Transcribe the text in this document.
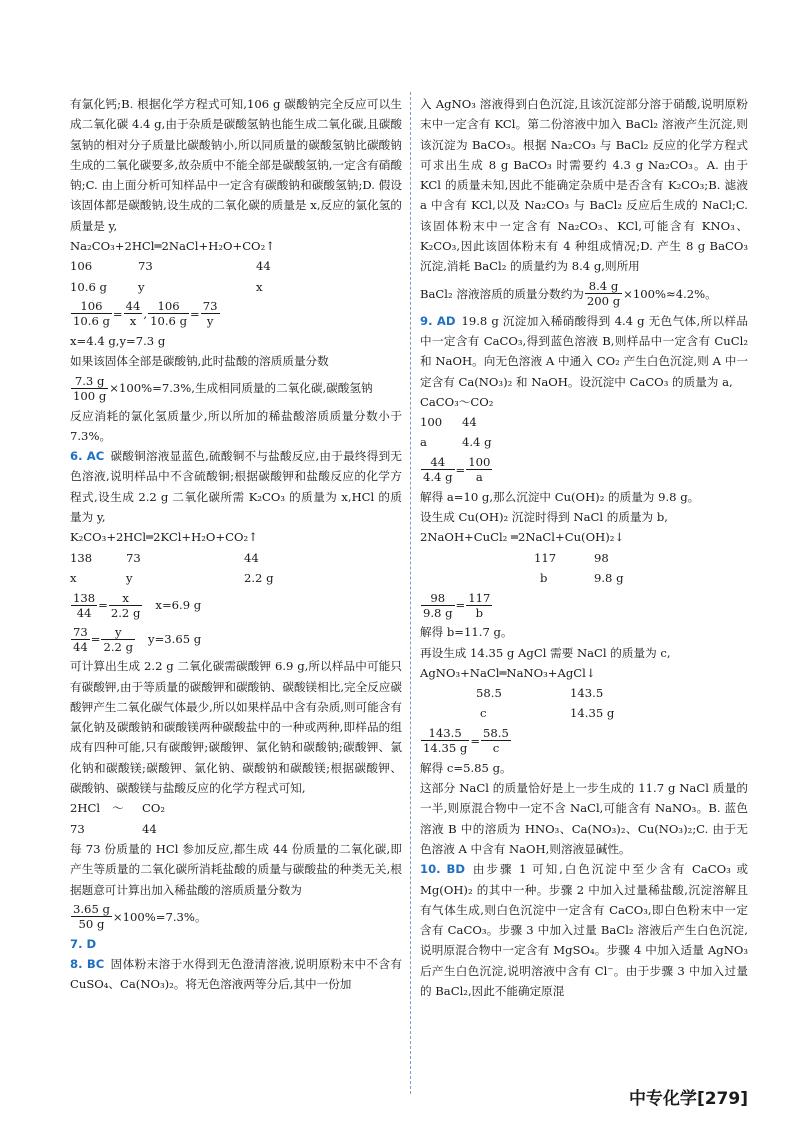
有氯化钙;B. 根据化学方程式可知,106 g 碳酸钠完全反应可以生成二氧化碳 4.4 g,由于杂质是碳酸氢钠也能生成二氧化碳,且碳酸氢钠的相对分子质量比碳酸钠小,所以同质量的碳酸氢钠比碳酸钠生成的二氧化碳要多,故杂质中不能全部是碳酸氢钠,一定含有硝酸钠;C. 由上面分析可知样品中一定含有碳酸钠和碳酸氢钠;D. 假设该固体都是碳酸钠,设生成的二氧化碳的质量是 x,反应的氯化氢的质量是 y,

Na₂CO₃+2HCl═2NaCl+H₂O+CO₂↑
106	73	44
10.6 g	y	x
$\frac{106}{10.6 g} = \frac{44}{x}$ , $\frac{106}{10.6 g} = \frac{73}{y}$
x=4.4 g,y=7.3 g

如果该固体全部是碳酸钠,此时盐酸的溶质质量分数

$\frac{7.3 g}{100 g} \times 100\%=7.3\%$,生成相同质量的二氧化碳,碳酸氢钠

反应消耗的氯化氢质量少,所以所加的稀盐酸溶质质量分数小于 7.3%。

6. AC 碳酸铜溶液显蓝色,硫酸铜不与盐酸反应,由于最终得到无色溶液,说明样品中不含硫酸铜;根据碳酸钾和盐酸反应的化学方程式,设生成 2.2 g 二氧化碳所需 K₂CO₃ 的质量为 x,HCl 的质量为 y,

K₂CO₃+2HCl═2KCl+H₂O+CO₂↑
138	73	44
x	y	2.2 g
$\frac{138}{44} = \frac{x}{2.2 g} x=6.9$ g
$\frac{73}{44} = \frac{y}{2.2 g} y=3.65$ g

可计算出生成 2.2 g 二氧化碳需碳酸钾 6.9 g,所以样品中可能只有碳酸钾,由于等质量的碳酸钾和碳酸钠、碳酸镁相比,完全反应碳酸钾产生二氧化碳气体最少,所以如果样品中含有杂质,则可能含有氯化钠及碳酸钠和碳酸镁两种碳酸盐中的一种或两种,即样品的组成有四种可能,只有碳酸钾;碳酸钾、氯化钠和碳酸钠;碳酸钾、氯化钠和碳酸镁;碳酸钾、氯化钠、碳酸钠和碳酸镁;根据碳酸钾、碳酸钠、碳酸镁与盐酸反应的化学方程式可知,

2HCl ～ CO₂
73	44

每 73 份质量的 HCl 参加反应,都生成 44 份质量的二氧化碳,即产生等质量的二氧化碳所消耗盐酸的质量与碳酸盐的种类无关,根据题意可计算出加入稀盐酸的溶质质量分数为

$\frac{3.65 g}{50 g} \times 100\%=7.3\%$。

7. D

8. BC 固体粉末溶于水得到无色澄清溶液,说明原粉末中不含有 CuSO₄、Ca(NO₃)₂。将无色溶液两等分后,其中一份加

入 AgNO₃ 溶液得到白色沉淀,且该沉淀部分溶于硝酸,说明原粉末中一定含有 KCl。第二份溶液中加入 BaCl₂ 溶液产生沉淀,则该沉淀为 BaCO₃。根据 Na₂CO₃ 与 BaCl₂ 反应的化学方程式可求出生成 8 g BaCO₃ 时需要约 4.3 g Na₂CO₃。A. 由于 KCl 的质量未知,因此不能确定杂质中是否含有 K₂CO₃;B. 滤液 a 中含有 KCl,以及 Na₂CO₃ 与 BaCl₂ 反应后生成的 NaCl;C. 该固体粉末中一定含有 Na₂CO₃、KCl,可能含有 KNO₃、K₂CO₃,因此该固体粉末有 4 种组成情况;D. 产生 8 g BaCO₃ 沉淀,消耗 BaCl₂ 的质量约为 8.4 g,则所用

BaCl₂ 溶液溶质的质量分数约为 $\frac{8.4 g}{200 g} \times 100\%\approx 4.2\%$。

9. AD 19.8 g 沉淀加入稀硝酸得到 4.4 g 无色气体,所以样品中一定含有 CaCO₃,得到蓝色溶液 B,则样品中一定含有 CuCl₂ 和 NaOH。向无色溶液 A 中通入 CO₂ 产生白色沉淀,则 A 中一定含有 Ca(NO₃)₂ 和 NaOH。设沉淀中 CaCO₃ 的质量为 a,

CaCO₃～CO₂
100 44
a	4.4 g
$\frac{44}{4.4 g} = \frac{100}{a}$

解得 a=10 g,那么沉淀中 Cu(OH)₂ 的质量为 9.8 g。

设生成 Cu(OH)₂ 沉淀时得到 NaCl 的质量为 b,

2NaOH+CuCl₂ ═2NaCl+Cu(OH)₂↓
117	98
b	9.8 g
$\frac{98}{9.8 g} = \frac{117}{b}$

解得 b=11.7 g。

再设生成 14.35 g AgCl 需要 NaCl 的质量为 c,

AgNO₃+NaCl═NaNO₃+AgCl↓
58.5	143.5
c	14.35 g
$\frac{143.5}{14.35 g} = \frac{58.5}{c}$

解得 c=5.85 g。

这部分 NaCl 的质量恰好是上一步生成的 11.7 g NaCl 质量的一半,则原混合物中一定不含 NaCl,可能含有 NaNO₃。B. 蓝色溶液 B 中的溶质为 HNO₃、Ca(NO₃)₂、Cu(NO₃)₂;C. 由于无色溶液 A 中含有 NaOH,则溶液显碱性。

10. BD 由步骤 1 可知,白色沉淀中至少含有 CaCO₃ 或 Mg(OH)₂ 的其中一种。步骤 2 中加入过量稀盐酸,沉淀溶解且有气体生成,则白色沉淀中一定含有 CaCO₃,即白色粉末中一定含有 CaCO₃。步骤 3 中加入过量 BaCl₂ 溶液后产生白色沉淀,说明原混合物中一定含有 MgSO₄。步骤 4 中加入适量 AgNO₃ 后产生白色沉淀,说明溶液中含有 Cl⁻。由于步骤 3 中加入过量的 BaCl₂,因此不能确定原混

中专化学[279]
